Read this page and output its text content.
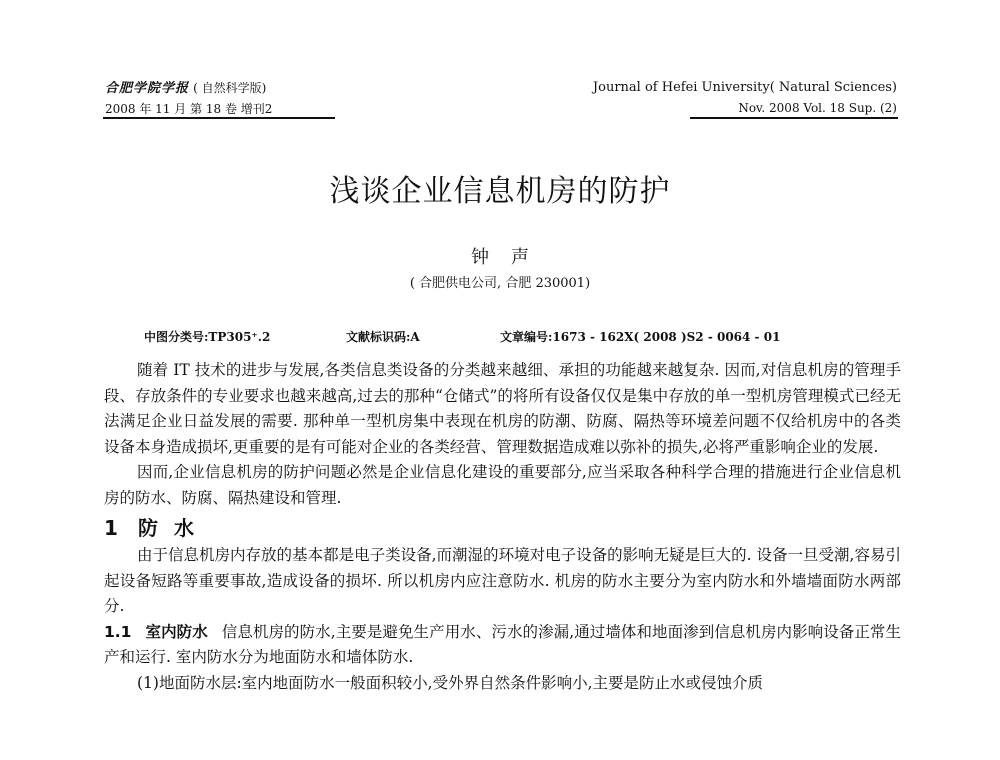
合肥学院学报 ( 自然科学版)
2008 年 11 月 第 18 卷 增刊2
Journal of Hefei University( Natural Sciences)
Nov. 2008 Vol. 18 Sup. (2)
浅谈企业信息机房的防护
钟声
( 合肥供电公司, 合肥 230001)
中图分类号:TP305⁺.2	文献标识码:A	文章编号:1673 - 162X( 2008 )S2 - 0064 - 01

随着 IT 技术的进步与发展,各类信息类设备的分类越来越细、承担的功能越来越复杂. 因而,对信息机房的管理手段、存放条件的专业要求也越来越高,过去的那种“仓储式”的将所有设备仅仅是集中存放的单一型机房管理模式已经无法满足企业日益发展的需要. 那种单一型机房集中表现在机房的防潮、防腐、隔热等环境差问题不仅给机房中的各类设备本身造成损坏,更重要的是有可能对企业的各类经营、管理数据造成难以弥补的损失,必将严重影响企业的发展.

因而,企业信息机房的防护问题必然是企业信息化建设的重要部分,应当采取各种科学合理的措施进行企业信息机房的防水、防腐、隔热建设和管理.

1 防水

由于信息机房内存放的基本都是电子类设备,而潮湿的环境对电子设备的影响无疑是巨大的. 设备一旦受潮,容易引起设备短路等重要事故,造成设备的损坏. 所以机房内应注意防水. 机房的防水主要分为室内防水和外墙墙面防水两部分.

1.1 室内防水 信息机房的防水,主要是避免生产用水、污水的渗漏,通过墙体和地面渗到信息机房内影响设备正常生产和运行. 室内防水分为地面防水和墙体防水.

(1)地面防水层:室内地面防水一般面积较小,受外界自然条件影响小,主要是防止水或侵蚀介质
